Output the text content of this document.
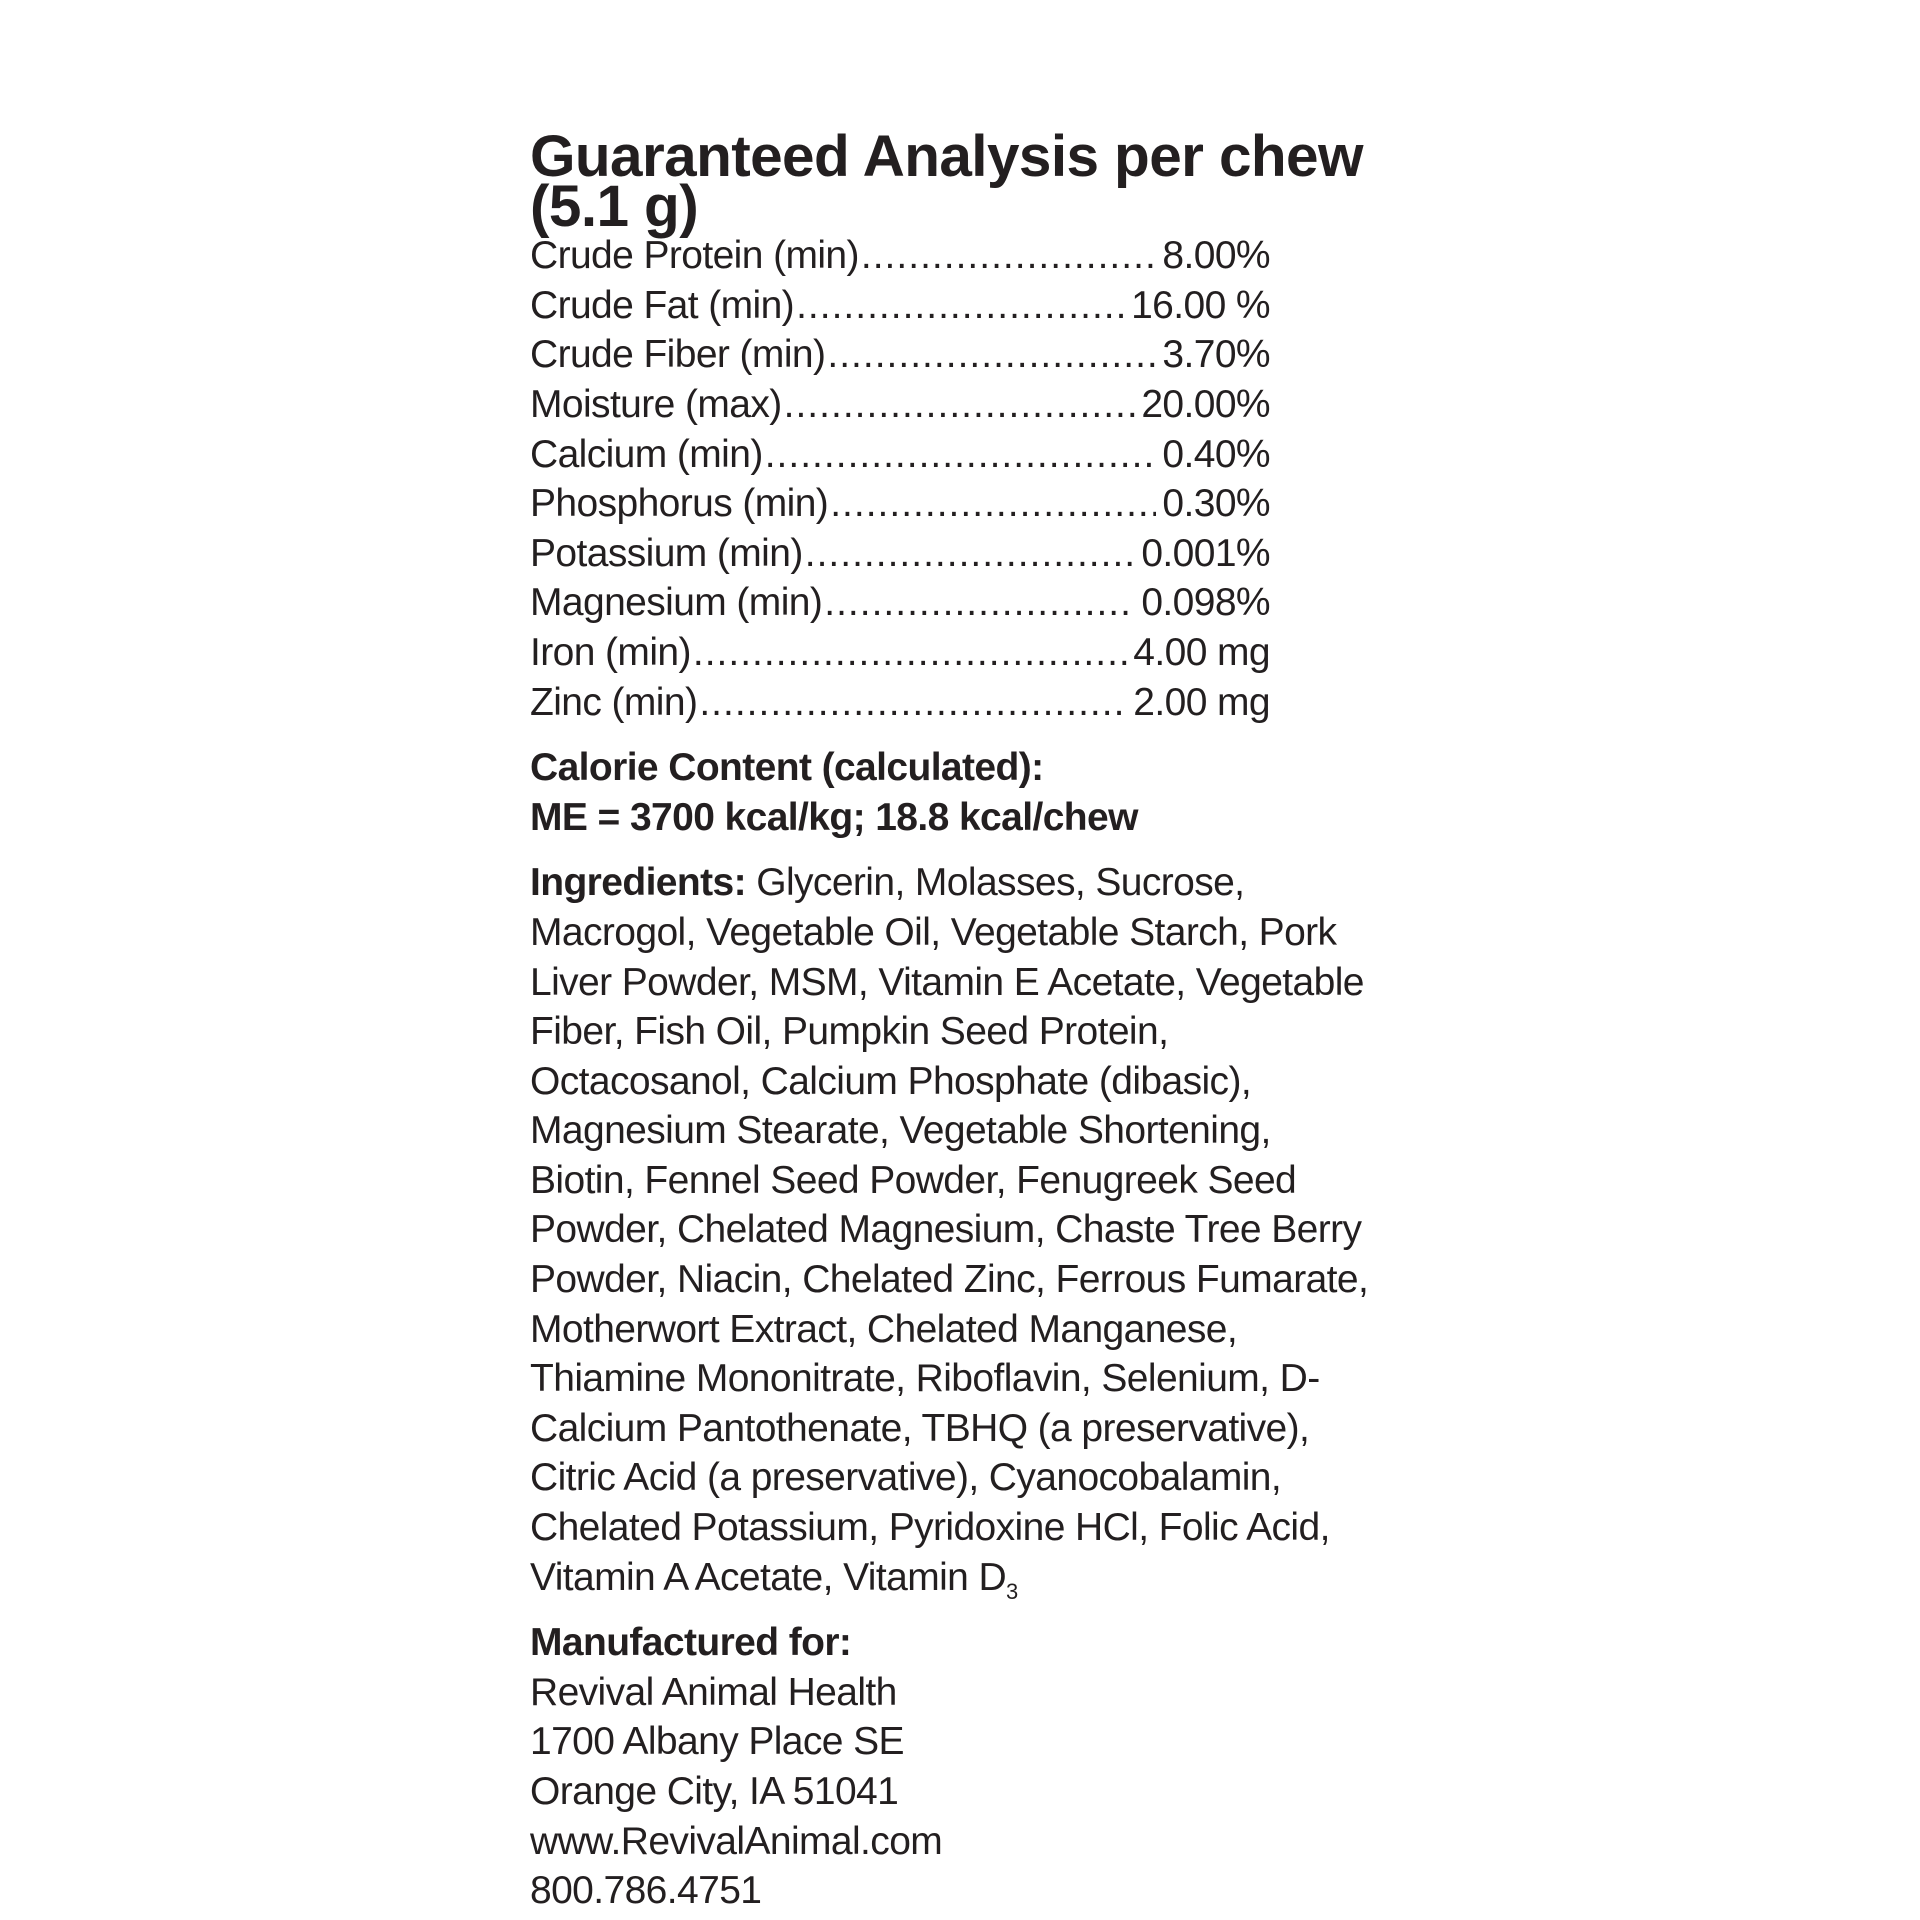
Guaranteed Analysis per chew (5.1 g)
Crude Protein (min) .....	8.00%
Crude Fat (min) .....	16.00 %
Crude Fiber (min) .....	3.70%
Moisture (max) .....	20.00%
Calcium (min) .....	0.40%
Phosphorus (min) .....	0.30%
Potassium (min) .....	0.001%
Magnesium (min) .....	0.098%
Iron (min) .....	4.00 mg
Zinc (min) .....	2.00 mg

Calorie Content (calculated):

ME = 3700 kcal/kg; 18.8 kcal/chew

Ingredients: Glycerin, Molasses, Sucrose, Macrogol, Vegetable Oil, Vegetable Starch, Pork Liver Powder, MSM, Vitamin E Acetate, Vegetable Fiber, Fish Oil, Pumpkin Seed Protein, Octacosanol, Calcium Phosphate (dibasic), Magnesium Stearate, Vegetable Shortening, Biotin, Fennel Seed Powder, Fenugreek Seed Powder, Chelated Magnesium, Chaste Tree Berry Powder, Niacin, Chelated Zinc, Ferrous Fumarate, Motherwort Extract, Chelated Manganese, Thiamine Mononitrate, Riboflavin, Selenium, D-Calcium Pantothenate, TBHQ (a preservative), Citric Acid (a preservative), Cyanocobalamin, Chelated Potassium, Pyridoxine HCl, Folic Acid, Vitamin A Acetate, Vitamin $D_3$

Manufactured for:

Revival Animal Health

1700 Albany Place SE

Orange City, IA 51041

www.RevivalAnimal.com

800.786.4751
